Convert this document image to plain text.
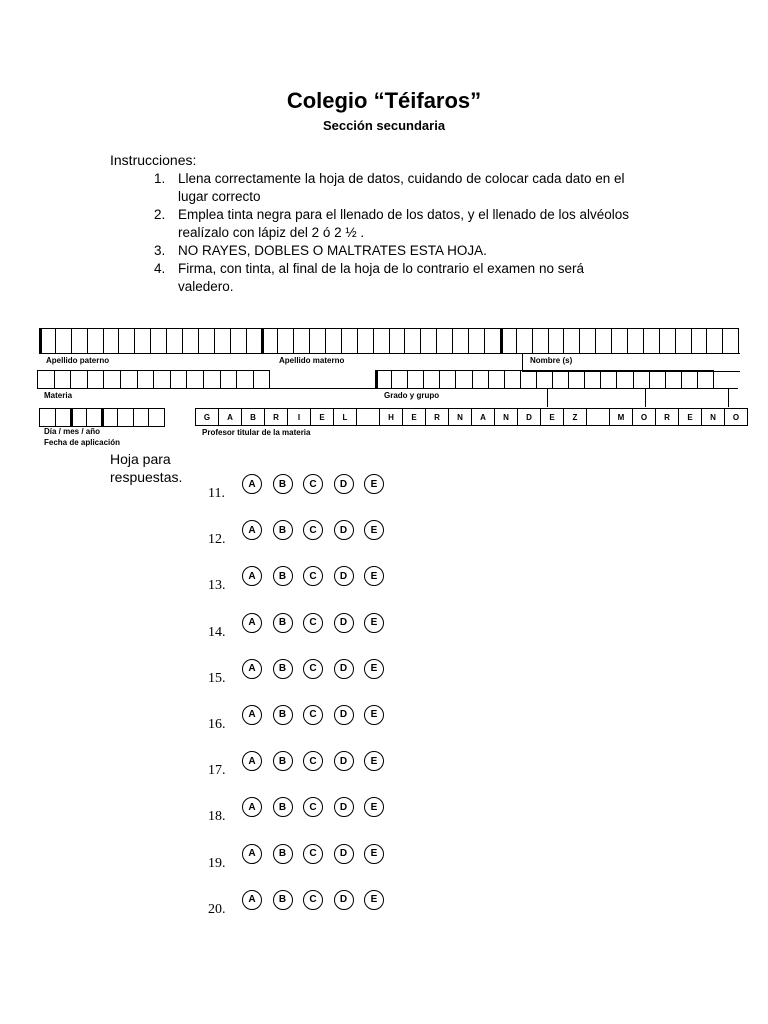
Colegio “Téifaros”
Sección secundaria
Instrucciones:
1. Llena correctamente la hoja de datos, cuidando de colocar cada dato en el
lugar correcto
2. Emplea tinta negra para el llenado de los datos, y el llenado de los alvéolos
realízalo con lápiz del 2 ó 2 ½ .
3. NO RAYES, DOBLES O MALTRATES ESTA HOJA.
4. Firma, con tinta, al final de la hoja de lo contrario el examen no será
valedero.
Apellido paterno	Apellido materno	Nombre (s)
Materia	Grado y grupo
G	A	B	R	I	E	L	H	E	R	N	A	N	D	E	Z	M	O	R	E	N	O
Día / mes / año
Fecha de aplicación
Profesor titular de la materia
Hoja para
respuestas.
11.
A	B	C	D	E
12.
A	B	C	D	E
13.
A	B	C	D	E
14.
A	B	C	D	E
15.
A	B	C	D	E
16.
A	B	C	D	E
17.
A	B	C	D	E
18.
A	B	C	D	E
19.
A	B	C	D	E
20.
A	B	C	D	E
